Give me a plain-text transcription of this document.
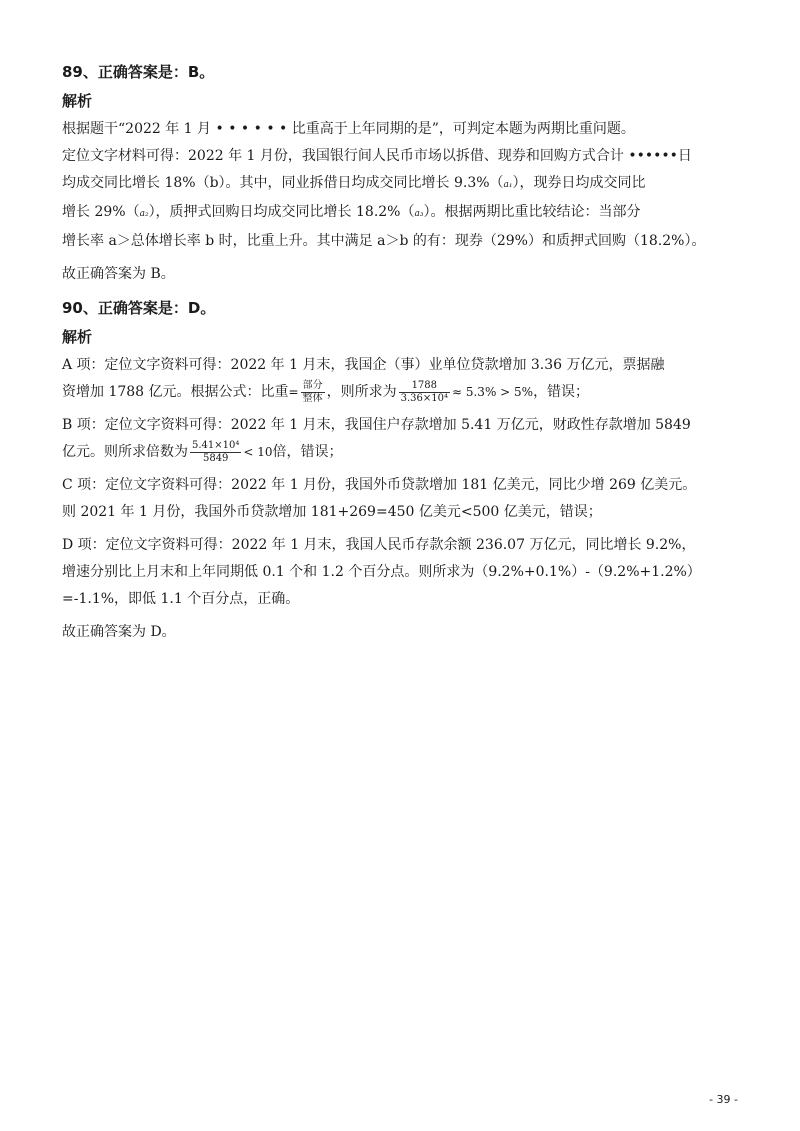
89、正确答案是：B。
解析
根据题干“2022 年 1 月 • • • • • • 比重高于上年同期的是”，可判定本题为两期比重问题。
定位文字材料可得：2022 年 1 月份，我国银行间人民币市场以拆借、现券和回购方式合计 ••••••日
均成交同比增长 18%（b）。其中，同业拆借日均成交同比增长 9.3%（a₁），现券日均成交同比
增长 29%（a₂），质押式回购日均成交同比增长 18.2%（a₃）。根据两期比重比较结论：当部分
增长率 a＞总体增长率 b 时，比重上升。其中满足 a＞b 的有：现券（29%）和质押式回购（18.2%）。
故正确答案为 B。
90、正确答案是：D。
解析
A 项：定位文字资料可得：2022 年 1 月末，我国企（事）业单位贷款增加 3.36 万亿元，票据融
资增加 1788 亿元。根据公式：比重= $\frac{\text{部分}}{\text{整体}}$ ，则所求为 $\frac{1788}{\text{3.36×10⁴}} \approx 5.3\% > 5\%$，错误；
B 项：定位文字资料可得：2022 年 1 月末，我国住户存款增加 5.41 万亿元，财政性存款增加 5849
亿元。则所求倍数为 $\frac{\text{5.41×10⁴}}{5849} < 10$倍，错误；
C 项：定位文字资料可得：2022 年 1 月份，我国外币贷款增加 181 亿美元，同比少增 269 亿美元。
则 2021 年 1 月份，我国外币贷款增加 181+269=450 亿美元<500 亿美元，错误；
D 项：定位文字资料可得：2022 年 1 月末，我国人民币存款余额 236.07 万亿元，同比增长 9.2%，
增速分别比上月末和上年同期低 0.1 个和 1.2 个百分点。则所求为（9.2%+0.1%）-（9.2%+1.2%）
=-1.1%，即低 1.1 个百分点，正确。
故正确答案为 D。
- 39 -
